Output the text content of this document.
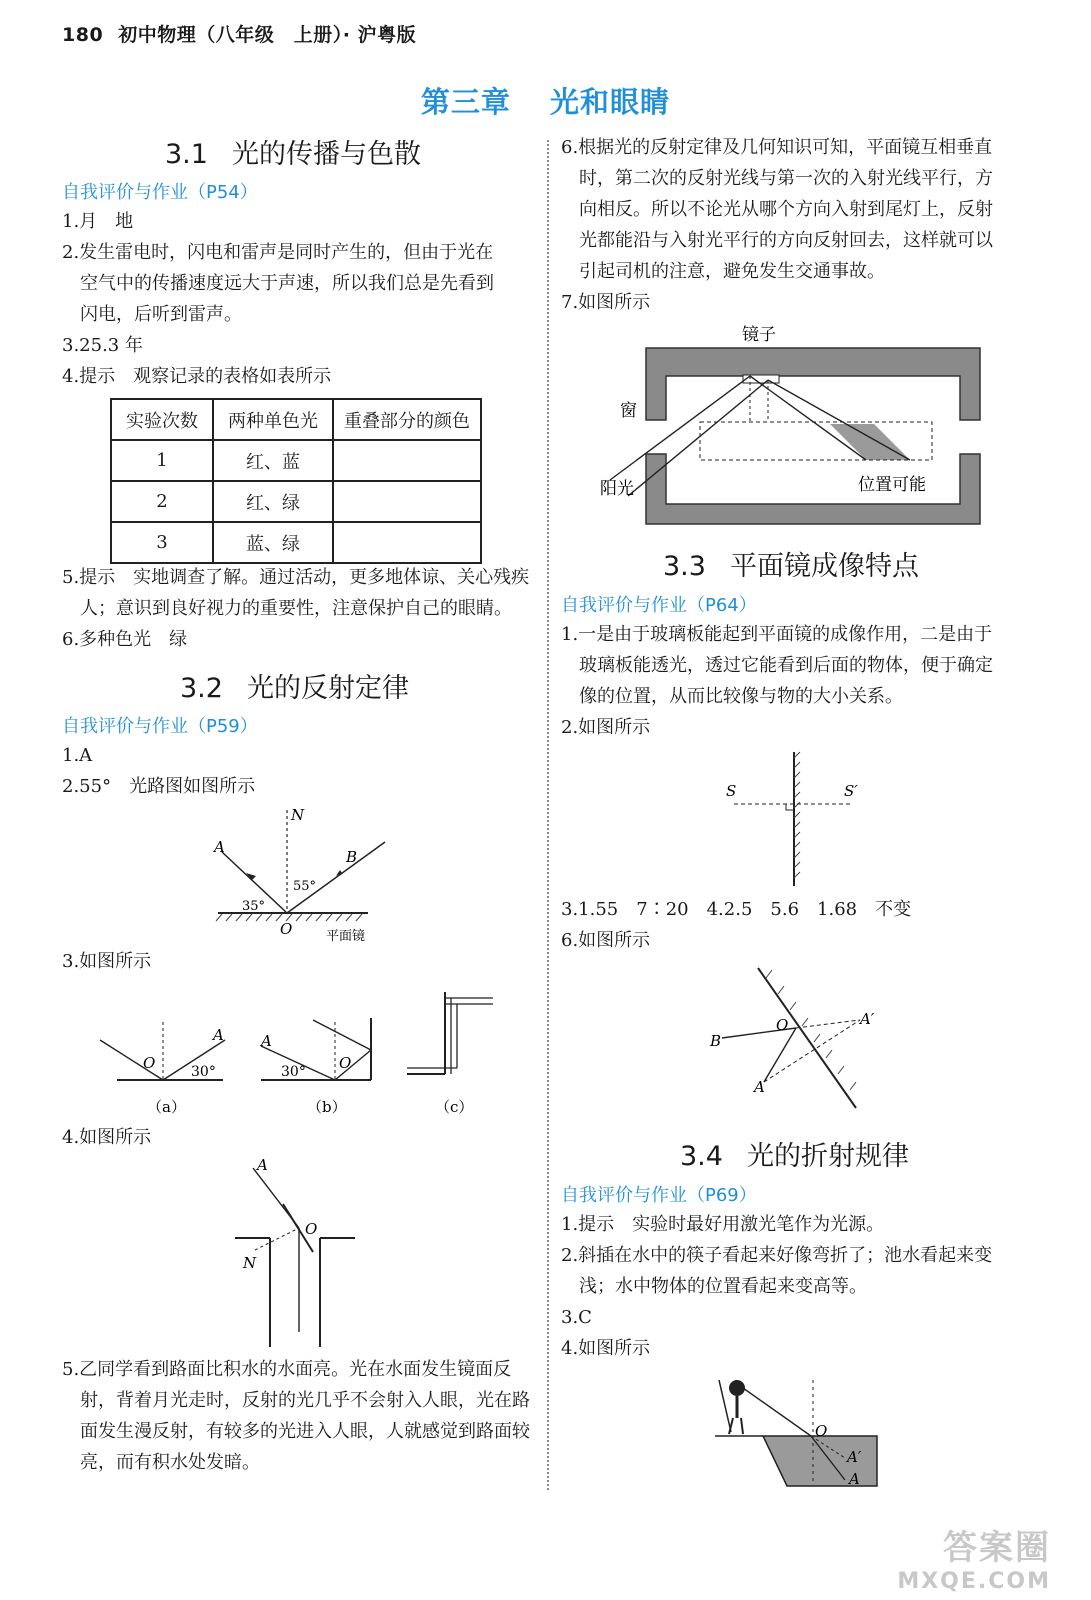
180 初中物理（八年级　上册）· 沪粤版
第三章 光和眼睛
3.1 光的传播与色散
自我评价与作业（P54）
1.月　地
2.发生雷电时，闪电和雷声是同时产生的，但由于光在
空气中的传播速度远大于声速，所以我们总是先看到
闪电，后听到雷声。
3.25.3 年
4.提示　观察记录的表格如表所示
实验次数	两种单色光	重叠部分的颜色
1	红、蓝	
2	红、绿	
3	蓝、绿	
5.提示　实地调查了解。通过活动，更多地体谅、关心残疾
人；意识到良好视力的重要性，注意保护自己的眼睛。
6.多种色光　绿
3.2 光的反射定律
自我评价与作业（P59）
1.A
2.55°　光路图如图所示
N
A
B
O
35°
55°
平面镜
3.如图所示
O
A
30°
（a）
A
O
30°
（b）	（c）
4.如图所示
A
O
N
5.乙同学看到路面比积水的水面亮。光在水面发生镜面反
射，背着月光走时，反射的光几乎不会射入人眼，光在路
面发生漫反射，有较多的光进入人眼，人就感觉到路面较
亮，而有积水处发暗。
6.根据光的反射定律及几何知识可知，平面镜互相垂直
时，第二次的反射光线与第一次的入射光线平行，方
向相反。所以不论光从哪个方向入射到尾灯上，反射
光都能沿与入射光平行的方向反射回去，这样就可以
引起司机的注意，避免发生交通事故。
7.如图所示
镜子
窗
阳光	位置可能
3.3 平面镜成像特点
自我评价与作业（P64）
1.一是由于玻璃板能起到平面镜的成像作用，二是由于
玻璃板能透光，透过它能看到后面的物体，便于确定
像的位置，从而比较像与物的大小关系。
2.如图所示
S	S′
3.1.55　7∶20　4.2.5　5.6　1.68　不变
6.如图所示
B
O
A
A′
3.4 光的折射规律
自我评价与作业（P69）
1.提示　实验时最好用激光笔作为光源。
2.斜插在水中的筷子看起来好像弯折了；池水看起来变
浅；水中物体的位置看起来变高等。
3.C
4.如图所示
O
A′
A
答案圈
MXQE.COM
